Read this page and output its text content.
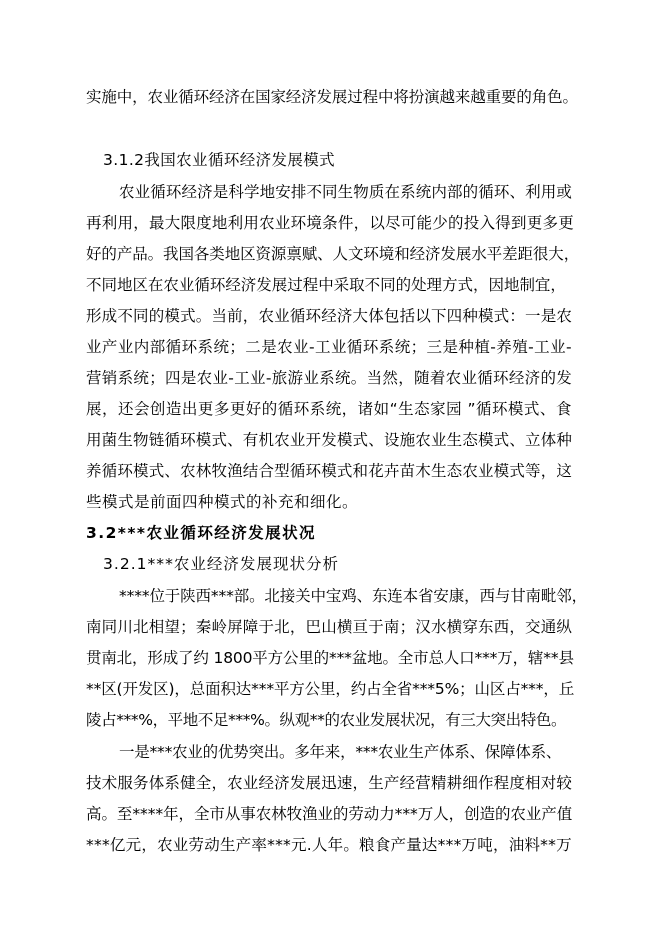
实施中，农业循环经济在国家经济发展过程中将扮演越来越重要的角色。
3.1.2我国农业循环经济发展模式
农业循环经济是科学地安排不同生物质在系统内部的循环、利用或
再利用，最大限度地利用农业环境条件，以尽可能少的投入得到更多更
好的产品。我国各类地区资源禀赋、人文环境和经济发展水平差距很大，
不同地区在农业循环经济发展过程中采取不同的处理方式，因地制宜，
形成不同的模式。当前，农业循环经济大体包括以下四种模式：一是农
业产业内部循环系统；二是农业-工业循环系统；三是种植-养殖-工业-
营销系统；四是农业-工业-旅游业系统。当然，随着农业循环经济的发
展，还会创造出更多更好的循环系统，诸如“生态家园 ”循环模式、食
用菌生物链循环模式、有机农业开发模式、设施农业生态模式、立体种
养循环模式、农林牧渔结合型循环模式和花卉苗木生态农业模式等，这
些模式是前面四种模式的补充和细化。
3.2***农业循环经济发展状况
3.2.1***农业经济发展现状分析
****位于陕西***部。北接关中宝鸡、东连本省安康，西与甘南毗邻，
南同川北相望；秦岭屏障于北，巴山横亘于南；汉水横穿东西，交通纵
贯南北，形成了约 1800平方公里的***盆地。全市总人口***万，辖**县
**区(开发区)，总面积达***平方公里，约占全省***5%；山区占***，丘
陵占***%，平地不足***%。纵观**的农业发展状况，有三大突出特色。
一是***农业的优势突出。多年来，***农业生产体系、保障体系、
技术服务体系健全，农业经济发展迅速，生产经营精耕细作程度相对较
高。至****年，全市从事农林牧渔业的劳动力***万人，创造的农业产值
***亿元，农业劳动生产率***元.人年。粮食产量达***万吨，油料**万
